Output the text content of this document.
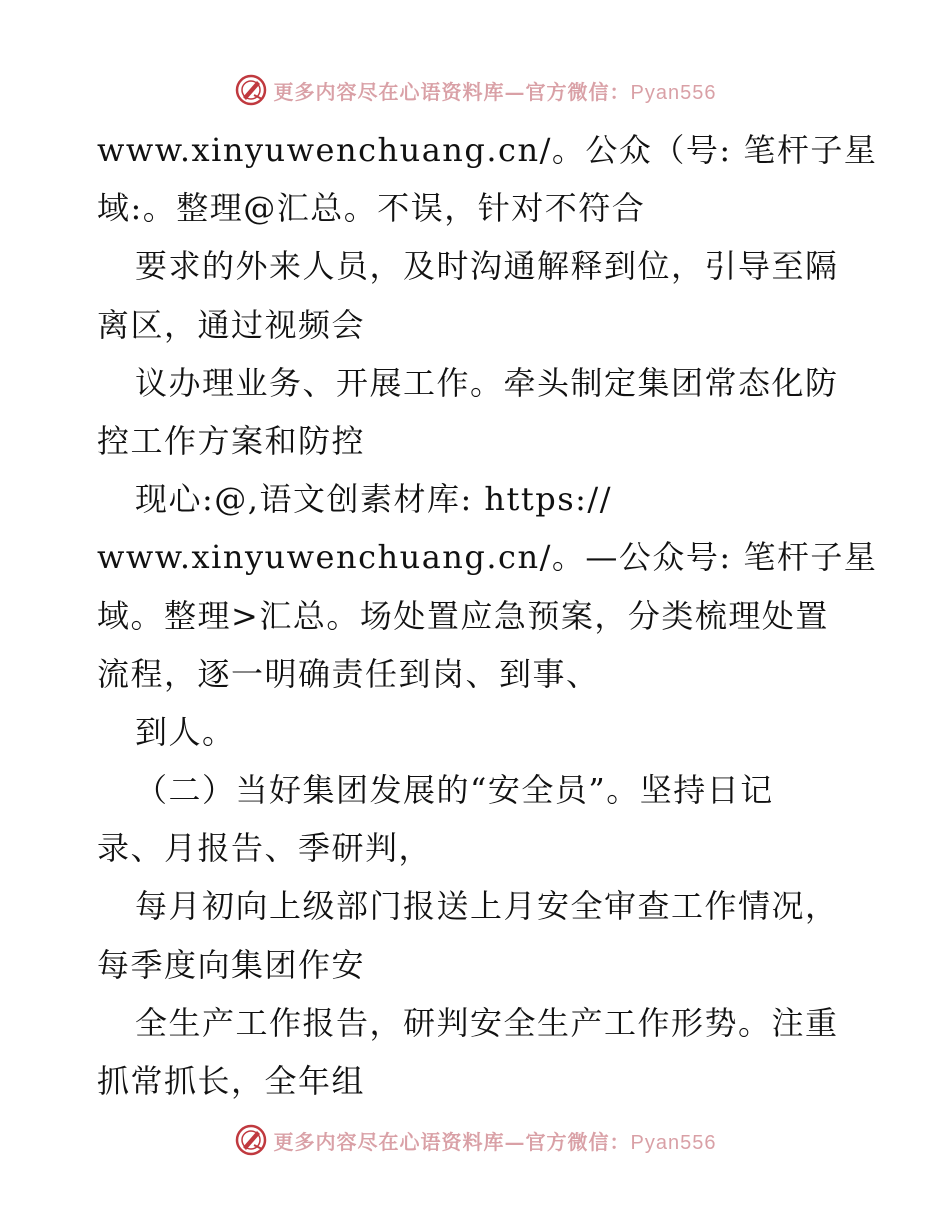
更多内容尽在心语资料库—官方微信：Pyan556
www.xinyuwenchuang.cn/。公众（号: 笔杆子星
域:。整理@汇总。不误，针对不符合
要求的外来人员，及时沟通解释到位，引导至隔
离区，通过视频会
议办理业务、开展工作。牵头制定集团常态化防
控工作方案和防控
现心:@,语文创素材库: https://
www.xinyuwenchuang.cn/。—公众号: 笔杆子星
域。整理>汇总。场处置应急预案，分类梳理处置
流程，逐一明确责任到岗、到事、
到人。
（二）当好集团发展的“安全员”。坚持日记
录、月报告、季研判，
每月初向上级部门报送上月安全审查工作情况，
每季度向集团作安
全生产工作报告，研判安全生产工作形势。注重
抓常抓长，全年组
更多内容尽在心语资料库—官方微信：Pyan556
